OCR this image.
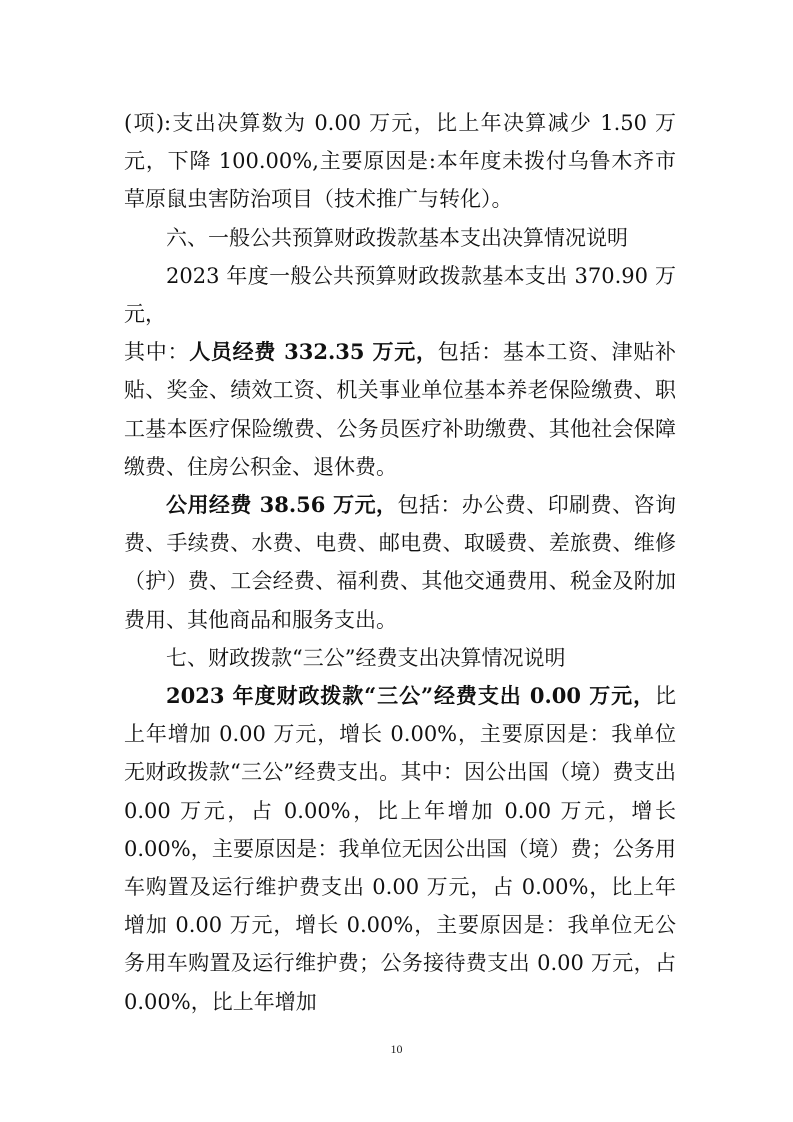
(项):支出决算数为 0.00 万元，比上年决算减少 1.50 万元，下降 100.00%,主要原因是:本年度未拨付乌鲁木齐市草原鼠虫害防治项目（技术推广与转化）。

六、一般公共预算财政拨款基本支出决算情况说明

2023 年度一般公共预算财政拨款基本支出 370.90 万元，

其中：人员经费 332.35 万元，包括：基本工资、津贴补贴、奖金、绩效工资、机关事业单位基本养老保险缴费、职工基本医疗保险缴费、公务员医疗补助缴费、其他社会保障缴费、住房公积金、退休费。

公用经费 38.56 万元，包括：办公费、印刷费、咨询费、手续费、水费、电费、邮电费、取暖费、差旅费、维修（护）费、工会经费、福利费、其他交通费用、税金及附加费用、其他商品和服务支出。

七、财政拨款“三公”经费支出决算情况说明

2023 年度财政拨款“三公”经费支出 0.00 万元，比上年增加 0.00 万元，增长 0.00%，主要原因是：我单位无财政拨款“三公”经费支出。其中：因公出国（境）费支出 0.00 万元，占 0.00%，比上年增加 0.00 万元，增长 0.00%，主要原因是：我单位无因公出国（境）费；公务用车购置及运行维护费支出 0.00 万元，占 0.00%，比上年增加 0.00 万元，增长 0.00%，主要原因是：我单位无公务用车购置及运行维护费；公务接待费支出 0.00 万元，占 0.00%，比上年增加

10
